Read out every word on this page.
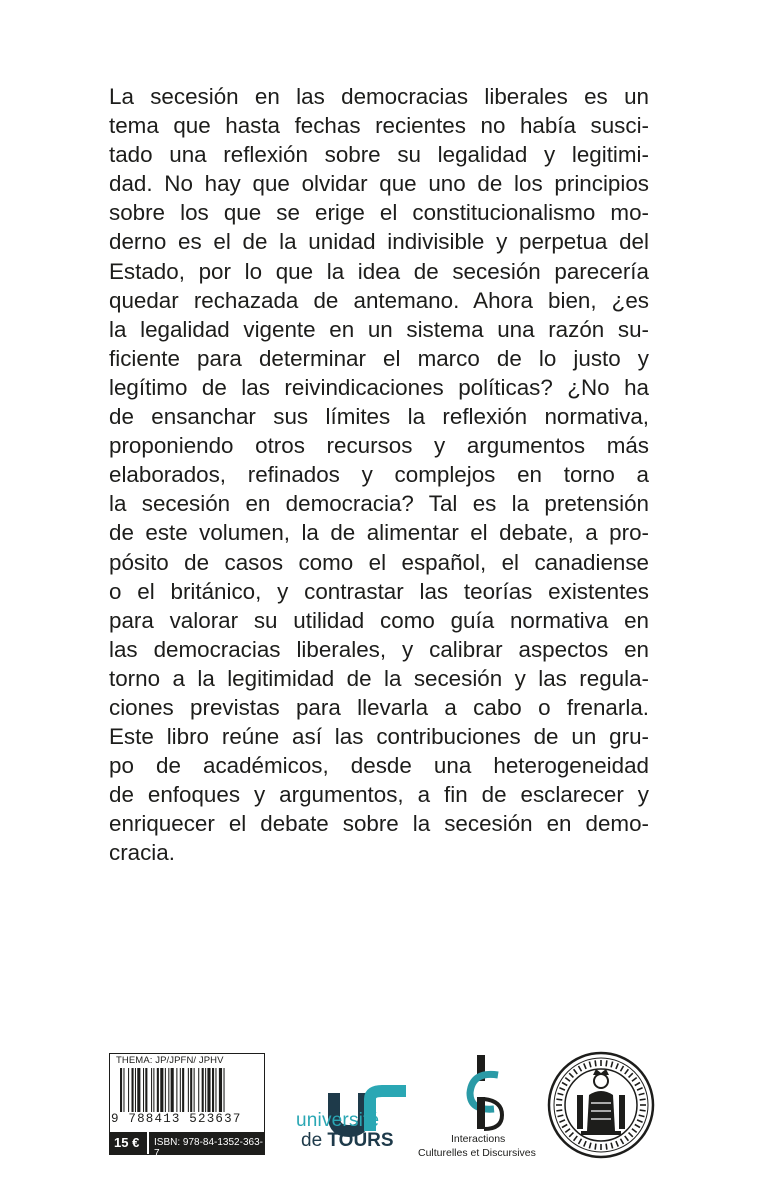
La secesión en las democracias liberales es un
tema que hasta fechas recientes no había susci-
tado una reflexión sobre su legalidad y legitimi-
dad. No hay que olvidar que uno de los principios
sobre los que se erige el constitucionalismo mo-
derno es el de la unidad indivisible y perpetua del
Estado, por lo que la idea de secesión parecería
quedar rechazada de antemano. Ahora bien, ¿es
la legalidad vigente en un sistema una razón su-
ficiente para determinar el marco de lo justo y
legítimo de las reivindicaciones políticas? ¿No ha
de ensanchar sus límites la reflexión normativa,
proponiendo otros recursos y argumentos más
elaborados, refinados y complejos en torno a
la secesión en democracia? Tal es la pretensión
de este volumen, la de alimentar el debate, a pro-
pósito de casos como el español, el canadiense
o el británico, y contrastar las teorías existentes
para valorar su utilidad como guía normativa en
las democracias liberales, y calibrar aspectos en
torno a la legitimidad de la secesión y las regula-
ciones previstas para llevarla a cabo o frenarla.
Este libro reúne así las contribuciones de un gru-
po de académicos, desde una heterogeneidad
de enfoques y argumentos, a fin de esclarecer y
enriquecer el debate sobre la secesión en demo-
cracia.
THEMA: JP/JPFN/ JPHV
9 788413 523637
15 € ISBN: 978-84-1352-363-7
université
de TOURS	Interactions
Culturelles et Discursives
